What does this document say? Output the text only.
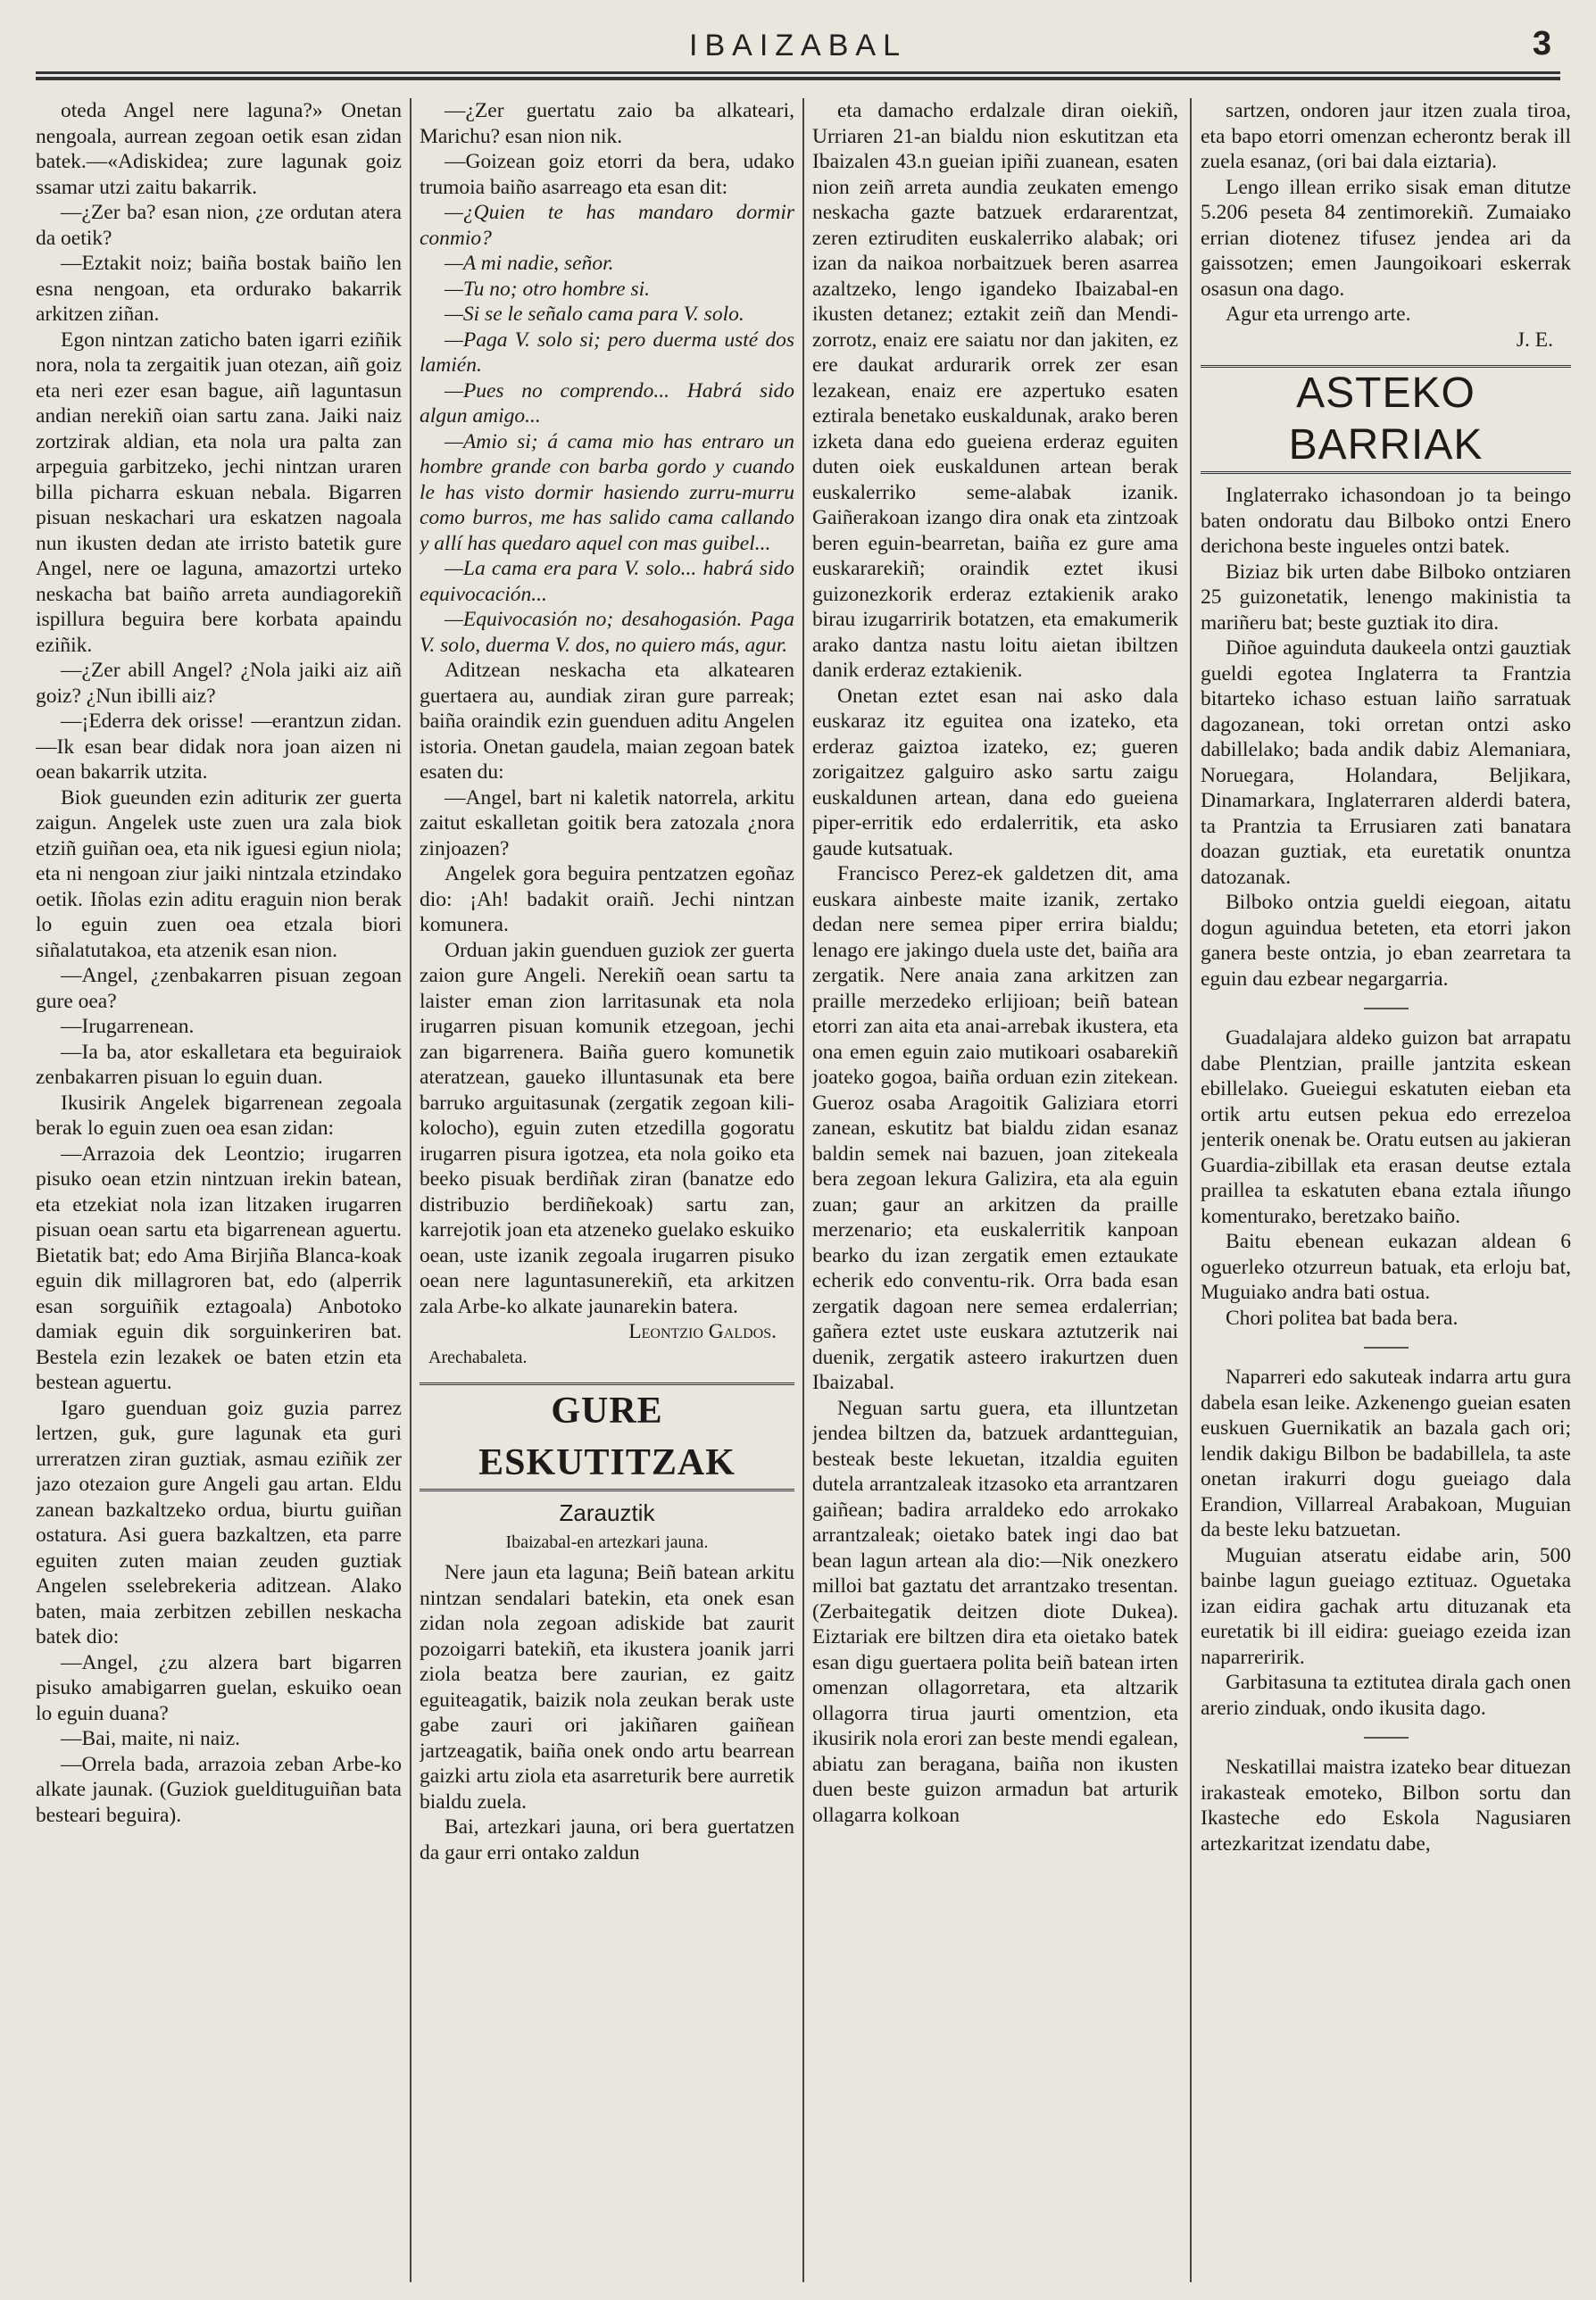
IBAIZABAL	3

oteda Angel nere laguna?» Onetan nengoala, aurrean zegoan oetik esan zidan batek.—«Adiskidea; zure lagunak goiz ssamar utzi zaitu bakarrik.

—¿Zer ba? esan nion, ¿ze ordutan atera da oetik?

—Eztakit noiz; baiña bostak baiño len esna nengoan, eta ordurako bakarrik arkitzen ziñan.

Egon nintzan zaticho baten igarri eziñik nora, nola ta zergaitik juan otezan, aiñ goiz eta neri ezer esan bague, aiñ laguntasun andian nerekiñ oian sartu zana. Jaiki naiz zortzirak aldian, eta nola ura palta zan arpeguia garbitzeko, jechi nintzan uraren billa picharra eskuan nebala. Bigarren pisuan neskachari ura eskatzen nagoala nun ikusten dedan ate irristo batetik gure Angel, nere oe laguna, amazortzi urteko neskacha bat baiño arreta aundiagorekiñ ispillura beguira bere korbata apaindu eziñik.

—¿Zer abill Angel? ¿Nola jaiki aiz aiñ goiz? ¿Nun ibilli aiz?

—¡Ederra dek orisse! —erantzun zidan.—Ik esan bear didak nora joan aizen ni oean bakarrik utzita.

Biok gueunden ezin adituriк zer guerta zaigun. Angelek uste zuen ura zala biok etziñ guiñan oea, eta nik iguesi egiun niola; eta ni nengoan ziur jaiki nintzala etzindako oetik. Iñolas ezin aditu eraguin nion berak lo eguin zuen oea etzala biori siñalatutakoa, eta atzenik esan nion.

—Angel, ¿zenbakarren pisuan zegoan gure oea?

—Irugarrenean.

—Ia ba, ator eskalletara eta beguiraiok zenbakarren pisuan lo eguin duan.

Ikusirik Angelek bigarrenean zegoala berak lo eguin zuen oea esan zidan:

—Arrazoia dek Leontzio; irugarren pisuko oean etzin nintzuan irekin batean, eta etzekiat nola izan litzaken irugarren pisuan oean sartu eta bigarrenean aguertu. Bietatik bat; edo Ama Birjiña Blanca-koak eguin dik millagroren bat, edo (alperrik esan sorguiñik eztagoala) Anbotoko damiak eguin dik sorguinkeriren bat. Bestela ezin lezakek oe baten etzin eta bestean aguertu.

Igaro guenduan goiz guzia parrez lertzen, guk, gure lagunak eta guri urreratzen ziran guztiak, asmau eziñik zer jazo otezaion gure Angeli gau artan. Eldu zanean bazkaltzeko ordua, biurtu guiñan ostatura. Asi guera bazkaltzen, eta parre eguiten zuten maian zeuden guztiak Angelen sselebrekeria aditzean. Alako baten, maia zerbitzen zebillen neskacha batek dio:

—Angel, ¿zu alzera bart bigarren pisuko amabigarren guelan, eskuiko oean lo eguin duana?

—Bai, maite, ni naiz.

—Orrela bada, arrazoia zeban Arbe-ko alkate jaunak. (Guziok gueldituguiñan bata besteari beguira).

—¿Zer guertatu zaio ba alkateari, Marichu? esan nion nik.

—Goizean goiz etorri da bera, udako trumoia baiño asarreago eta esan dit:

—¿Quien te has mandaro dormir conmio?

—A mi nadie, señor.

—Tu no; otro hombre si.

—Si se le señalo cama para V. solo.

—Paga V. solo si; pero duerma usté dos lamién.

—Pues no comprendo... Habrá sido algun amigo...

—Amio si; á cama mio has entraro un hombre grande con barba gordo y cuando le has visto dormir hasiendo zurru-murru como burros, me has salido cama callando y allí has quedaro aquel con mas guibel...

—La cama era para V. solo... habrá sido equivocación...

—Equivocasión no; desahogasión. Paga V. solo, duerma V. dos, no quiero más, agur.

Aditzean neskacha eta alkatearen guertaera au, aundiak ziran gure parreak; baiña oraindik ezin guenduen aditu Angelen istoria. Onetan gaudela, maian zegoan batek esaten du:

—Angel, bart ni kaletik natorrela, arkitu zaitut eskalletan goitik bera zatozala ¿nora zinjoazen?

Angelek gora beguira pentzatzen egoñaz dio: ¡Ah! badakit oraiñ. Jechi nintzan komunera.

Orduan jakin guenduen guziok zer guerta zaion gure Angeli. Nerekiñ oean sartu ta laister eman zion larritasunak eta nola irugarren pisuan komunik etzegoan, jechi zan bigarrenera. Baiña guero komunetik ateratzean, gaueko illuntasunak eta bere barruko arguitasunak (zergatik zegoan kili-kolocho), eguin zuten etzedilla gogoratu irugarren pisura igotzea, eta nola goiko eta beeko pisuak berdiñak ziran (banatze edo distribuzio berdiñekoak) sartu zan, karrejotik joan eta atzeneko guelako eskuiko oean, uste izanik zegoala irugarren pisuko oean nere laguntasunerekiñ, eta arkitzen zala Arbe-ko alkate jaunarekin batera.

Leontzio Galdos.
Arechabaleta.
GURE ESKUTITZAK
Zarauztik
Ibaizabal-en artezkari jauna.

Nere jaun eta laguna; Beiñ batean arkitu nintzan sendalari batekin, eta onek esan zidan nola zegoan adiskide bat zaurit pozoigarri batekiñ, eta ikustera joanik jarri ziola beatza bere zaurian, ez gaitz eguiteagatik, baizik nola zeukan berak uste gabe zauri ori jakiñaren gaiñean jartzeagatik, baiña onek ondo artu bearrean gaizki artu ziola eta asarreturik bere aurretik bialdu zuela.

Bai, artezkari jauna, ori bera guertatzen da gaur erri ontako zaldun

eta damacho erdalzale diran oiekiñ, Urriaren 21-an bialdu nion eskutitzan eta Ibaizalen 43.n gueian ipiñi zuanean, esaten nion zeiñ arreta aundia zeukaten emengo neskacha gazte batzuek erdararentzat, zeren eztiruditen euskalerriko alabak; ori izan da naikoa norbaitzuek beren asarrea azaltzeko, lengo igandeko Ibaizabal-en ikusten detanez; eztakit zeiñ dan Mendi-zorrotz, enaiz ere saiatu nor dan jakiten, ez ere daukat ardurarik orrek zer esan lezakean, enaiz ere azpertuko esaten eztirala benetako euskaldunak, arako beren izketa dana edo gueiena erderaz eguiten duten oiek euskaldunen artean berak euskalerriko seme-alabak izanik. Gaiñerakoan izango dira onak eta zintzoak beren eguin-bearretan, baiña ez gure ama euskararekiñ; oraindik eztet ikusi guizonezkorik erderaz eztakienik arako birau izugarririk botatzen, eta emakumerik arako dantza nastu loitu aietan ibiltzen danik erderaz eztakienik.

Onetan eztet esan nai asko dala euskaraz itz eguitea ona izateko, eta erderaz gaiztoa izateko, ez; gueren zorigaitzez galguiro asko sartu zaigu euskaldunen artean, dana edo gueiena piper-erritik edo erdalerritik, eta asko gaude kutsatuak.

Francisco Perez-ek galdetzen dit, ama euskara ainbeste maite izanik, zertako dedan nere semea piper errira bialdu; lenago ere jakingo duela uste det, baiña ara zergatik. Nere anaia zana arkitzen zan praille merzedeko erlijioan; beiñ batean etorri zan aita eta anai-arrebak ikustera, eta ona emen eguin zaio mutikoari osabarekiñ joateko gogoa, baiña orduan ezin zitekean. Gueroz osaba Aragoitik Galiziara etorri zanean, eskutitz bat bialdu zidan esanaz baldin semek nai bazuen, joan zitekeala bera zegoan lekura Galizira, eta ala eguin zuan; gaur an arkitzen da praille merzenario; eta euskalerritik kanpoan bearko du izan zergatik emen eztaukate echerik edo conventu-rik. Orra bada esan zergatik dagoan nere semea erdalerrian; gañera eztet uste euskara aztutzerik nai duenik, zergatik asteero irakurtzen duen Ibaizabal.

Neguan sartu guera, eta illuntzetan jendea biltzen da, batzuek ardantteguian, besteak beste lekuetan, itzaldia eguiten dutela arrantzaleak itzasoko eta arrantzaren gaiñean; badira arraldeko edo arrokako arrantzaleak; oietako batek ingi dao bat bean lagun artean ala dio:—Nik onezkero milloi bat gaztatu det arrantzako tresentan. (Zerbaitegatik deitzen diote Dukea). Eiztariak ere biltzen dira eta oietako batek esan digu guertaera polita beiñ batean irten omenzan ollagorretara, eta altzarik ollagorra tirua jaurti omentzion, eta ikusirik nola erori zan beste mendi egalean, abiatu zan beragana, baiña non ikusten duen beste guizon armadun bat arturik ollagarra kolkoan

sartzen, ondoren jaur itzen zuala tiroa, eta bapo etorri omenzan echerontz berak ill zuela esanaz, (ori bai dala eiztaria).

Lengo illean erriko sisak eman ditutze 5.206 peseta 84 zentimorekiñ. Zumaiako errian diotenez tifusez jendea ari da gaissotzen; emen Jaungoikoari eskerrak osasun ona dago.

Agur eta urrengo arte.

J. E.
ASTEKO BARRIAK

Inglaterrako ichasondoan jo ta beingo baten ondoratu dau Bilboko ontzi Enero derichona beste ingueles ontzi batek.

Biziaz bik urten dabe Bilboko ontziaren 25 guizonetatik, lenengo makinistia ta mariñeru bat; beste guztiak ito dira.

Diñoe aguinduta daukeela ontzi gauztiak gueldi egotea Inglaterra ta Frantzia bitarteko ichaso estuan laiño sarratuak dagozanean, toki orretan ontzi asko dabillelako; bada andik dabiz Alemaniara, Noruegara, Holandara, Beljikara, Dinamarkara, Inglaterraren alderdi batera, ta Prantzia ta Errusiaren zati banatara doazan guztiak, eta euretatik onuntza datozanak.

Bilboko ontzia gueldi eiegoan, aitatu dogun aguindua beteten, eta etorri jakon ganera beste ontzia, jo eban zearretara ta eguin dau ezbear negargarria.

Guadalajara aldeko guizon bat arrapatu dabe Plentzian, praille jantzita eskean ebillelako. Gueiegui eskatuten eieban eta ortik artu eutsen pekua edo errezeloa jenterik onenak be. Oratu eutsen au jakieran Guardia-zibillak eta erasan deutse eztala praillea ta eskatuten ebana eztala iñungo komenturako, beretzako baiño.

Baitu ebenean eukazan aldean 6 oguerleko otzurreun batuak, eta erloju bat, Muguiako andra bati ostua.

Chori politea bat bada bera.

Naparreri edo sakuteak indarra artu gura dabela esan leike. Azkenengo gueian esaten euskuen Guernikatik an bazala gach ori; lendik dakigu Bilbon be badabillela, ta aste onetan irakurri dogu gueiago dala Erandion, Villarreal Arabakoan, Muguian da beste leku batzuetan.

Muguian atseratu eidabe arin, 500 bainbe lagun gueiago eztituaz. Oguetaka izan eidira gachak artu dituzanak eta euretatik bi ill eidira: gueiago ezeida izan naparreririk.

Garbitasuna ta eztitutea dirala gach onen arerio zinduak, ondo ikusita dago.

Neskatillai maistra izateko bear dituezan irakasteak emoteko, Bilbon sortu dan Ikasteche edo Eskola Nagusiaren artezkaritzat izendatu dabe,
